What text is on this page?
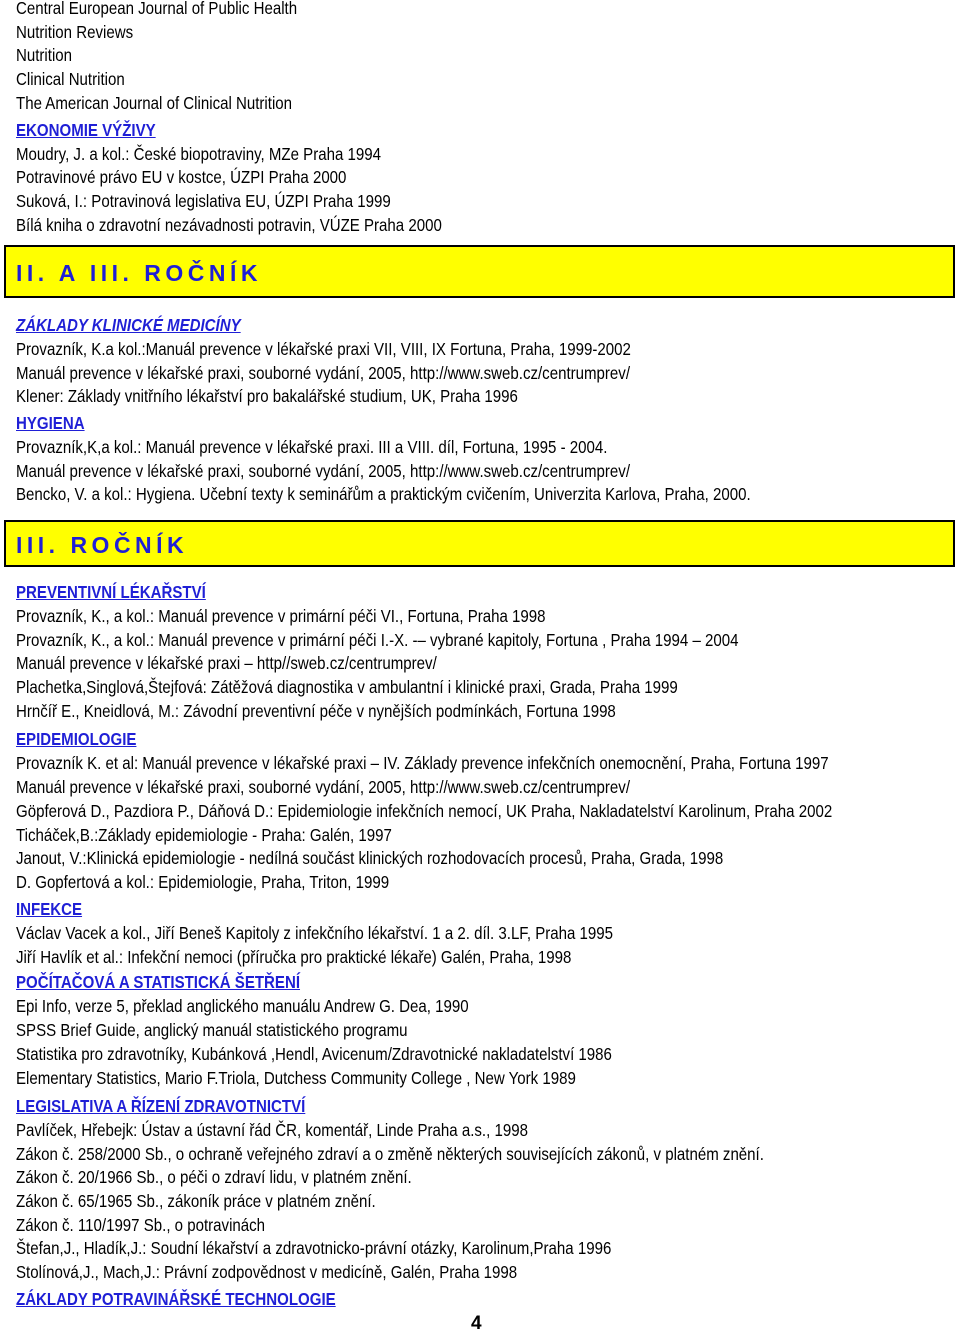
Central European Journal of Public Health
Nutrition Reviews
Nutrition
Clinical Nutrition
The American Journal of Clinical Nutrition
EKONOMIE VÝŽIVY
Moudry, J. a kol.: České biopotraviny, MZe Praha 1994
Potravinové právo EU v kostce, ÚZPI Praha 2000
Suková, I.: Potravinová legislativa EU, ÚZPI Praha 1999
Bílá kniha o zdravotní nezávadnosti potravin, VÚZE Praha 2000
II. A III. ROČNÍK
ZÁKLADY KLINICKÉ MEDICÍNY
Provazník, K.a kol.:Manuál prevence v lékařské praxi VII, VIII, IX Fortuna, Praha, 1999-2002
Manuál prevence v lékařské praxi, souborné vydání, 2005, http://www.sweb.cz/centrumprev/
Klener: Základy vnitřního lékařství pro bakalářské studium, UK, Praha 1996
HYGIENA
Provazník,K,a kol.: Manuál prevence v lékařské praxi. III a VIII. díl, Fortuna, 1995 - 2004.
Manuál prevence v lékařské praxi, souborné vydání, 2005, http://www.sweb.cz/centrumprev/
Bencko, V. a kol.: Hygiena. Učební texty k seminářům a praktickým cvičením, Univerzita Karlova, Praha, 2000.
III. ROČNÍK
PREVENTIVNÍ LÉKAŘSTVÍ
Provazník, K., a kol.: Manuál prevence v primární péči VI., Fortuna, Praha 1998
Provazník, K., a kol.: Manuál prevence v primární péči I.-X. -– vybrané kapitoly, Fortuna , Praha 1994 – 2004
Manuál prevence v lékařské praxi – http//sweb.cz/centrumprev/
Plachetka,Singlová,Štejfová: Zátěžová diagnostika v ambulantní i klinické praxi, Grada, Praha 1999
Hrnčíř E., Kneidlová, M.: Závodní preventivní péče v nynějších podmínkách, Fortuna 1998
EPIDEMIOLOGIE
Provazník K. et al: Manuál prevence v lékařské praxi – IV. Základy prevence infekčních onemocnění, Praha, Fortuna 1997
Manuál prevence v lékařské praxi, souborné vydání, 2005, http://www.sweb.cz/centrumprev/
Göpferová D., Pazdiora P., Dáňová D.: Epidemiologie infekčních nemocí, UK Praha, Nakladatelství Karolinum, Praha 2002
Ticháček,B.:Základy epidemiologie - Praha: Galén, 1997
Janout, V.:Klinická epidemiologie - nedílná součást klinických rozhodovacích procesů, Praha, Grada, 1998
D. Gopfertová a kol.: Epidemiologie, Praha, Triton, 1999
INFEKCE
Václav Vacek a kol., Jiří Beneš Kapitoly z infekčního lékařství. 1 a 2. díl. 3.LF, Praha 1995
Jiří Havlík et al.: Infekční nemoci (příručka pro praktické lékaře) Galén, Praha, 1998
POČÍTAČOVÁ A STATISTICKÁ ŠETŘENÍ
Epi Info, verze 5, překlad anglického manuálu Andrew G. Dea, 1990
SPSS Brief Guide, anglický manuál statistického programu
Statistika pro zdravotníky, Kubánková ,Hendl, Avicenum/Zdravotnické nakladatelství 1986
Elementary Statistics, Mario F.Triola, Dutchess Community College , New York 1989
LEGISLATIVA A ŘÍZENÍ ZDRAVOTNICTVÍ
Pavlíček, Hřebejk: Ústav a ústavní řád ČR, komentář, Linde Praha a.s., 1998
Zákon č. 258/2000 Sb., o ochraně veřejného zdraví a o změně některých souvisejících zákonů, v platném znění.
Zákon č. 20/1966 Sb., o péči o zdraví lidu, v platném znění.
Zákon č. 65/1965 Sb., zákoník práce v platném znění.
Zákon č. 110/1997 Sb., o potravinách
Štefan,J., Hladík,J.: Soudní lékařství a zdravotnicko-právní otázky, Karolinum,Praha 1996
Stolínová,J., Mach,J.: Právní zodpovědnost v medicíně, Galén, Praha 1998
ZÁKLADY POTRAVINÁŘSKÉ TECHNOLOGIE
4
